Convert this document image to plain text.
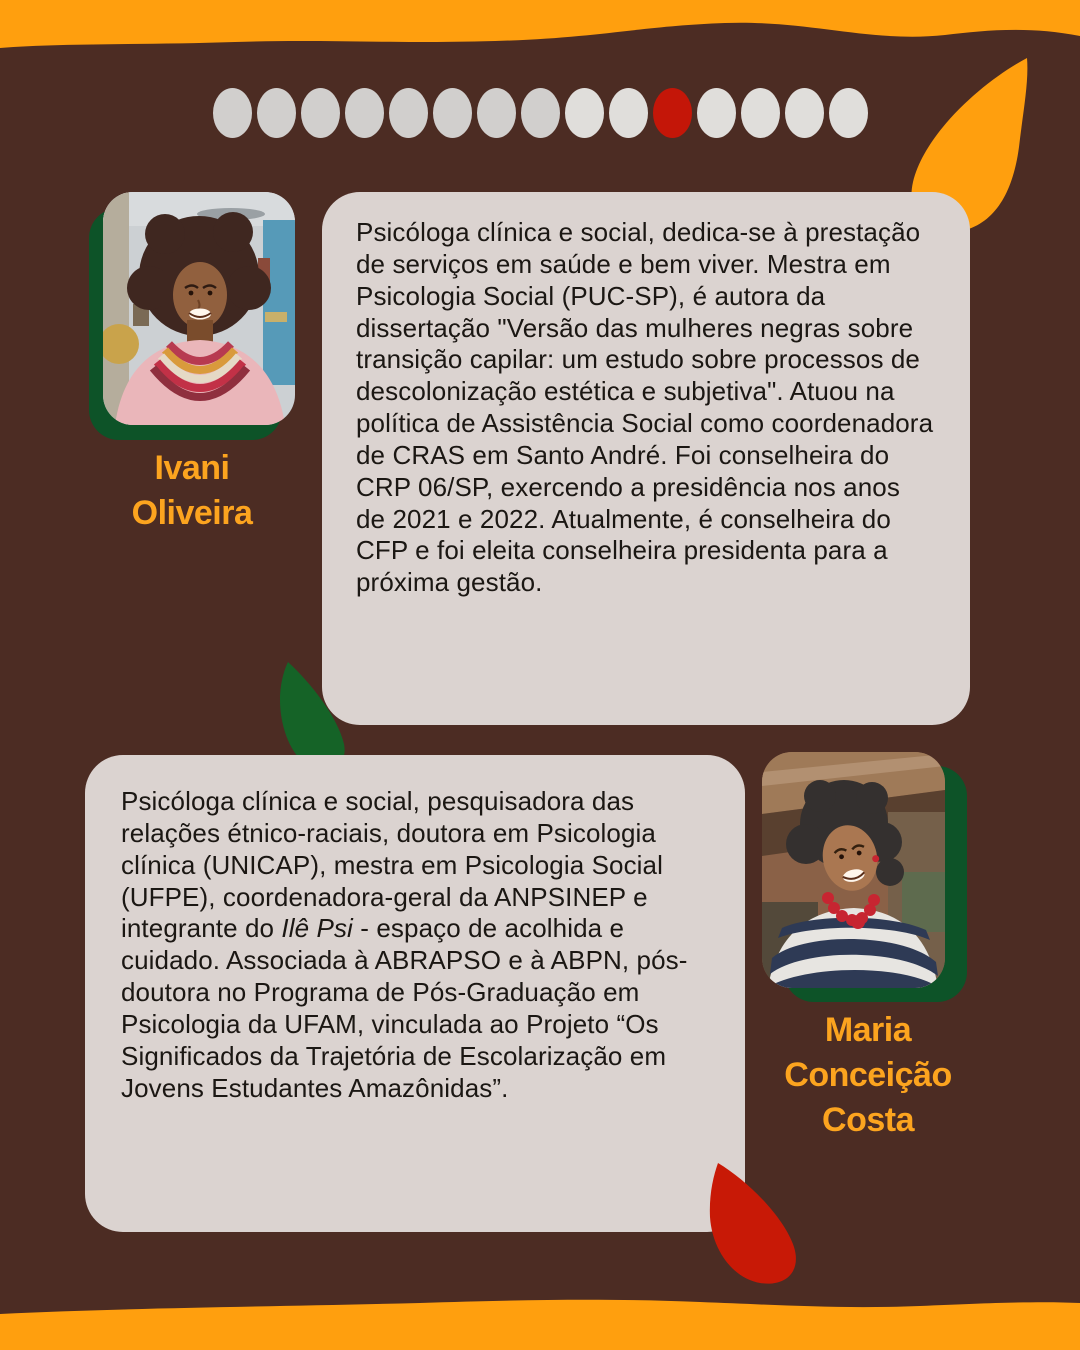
Psicóloga clínica e social, dedica-se à prestação de serviços em saúde e bem viver. Mestra em Psicologia Social (PUC-SP), é autora da dissertação "Versão das mulheres negras sobre transição capilar: um estudo sobre processos de descolonização estética e subjetiva". Atuou na política de Assistência Social como coordenadora de CRAS em Santo André. Foi conselheira do CRP 06/SP, exercendo a presidência nos anos de 2021 e 2022. Atualmente, é conselheira do CFP e foi eleita conselheira presidenta para a próxima gestão.

Ivani Oliveira

Psicóloga clínica e social, pesquisadora das relações étnico-raciais, doutora em Psicologia clínica (UNICAP), mestra em Psicologia Social (UFPE), coordenadora-geral da ANPSINEP e integrante do Ilê Psi - espaço de acolhida e cuidado. Associada à ABRAPSO e à ABPN, pós-doutora no Programa de Pós-Graduação em Psicologia da UFAM, vinculada ao Projeto “Os Significados da Trajetória de Escolarização em Jovens Estudantes Amazônidas”.

Maria Conceição Costa
